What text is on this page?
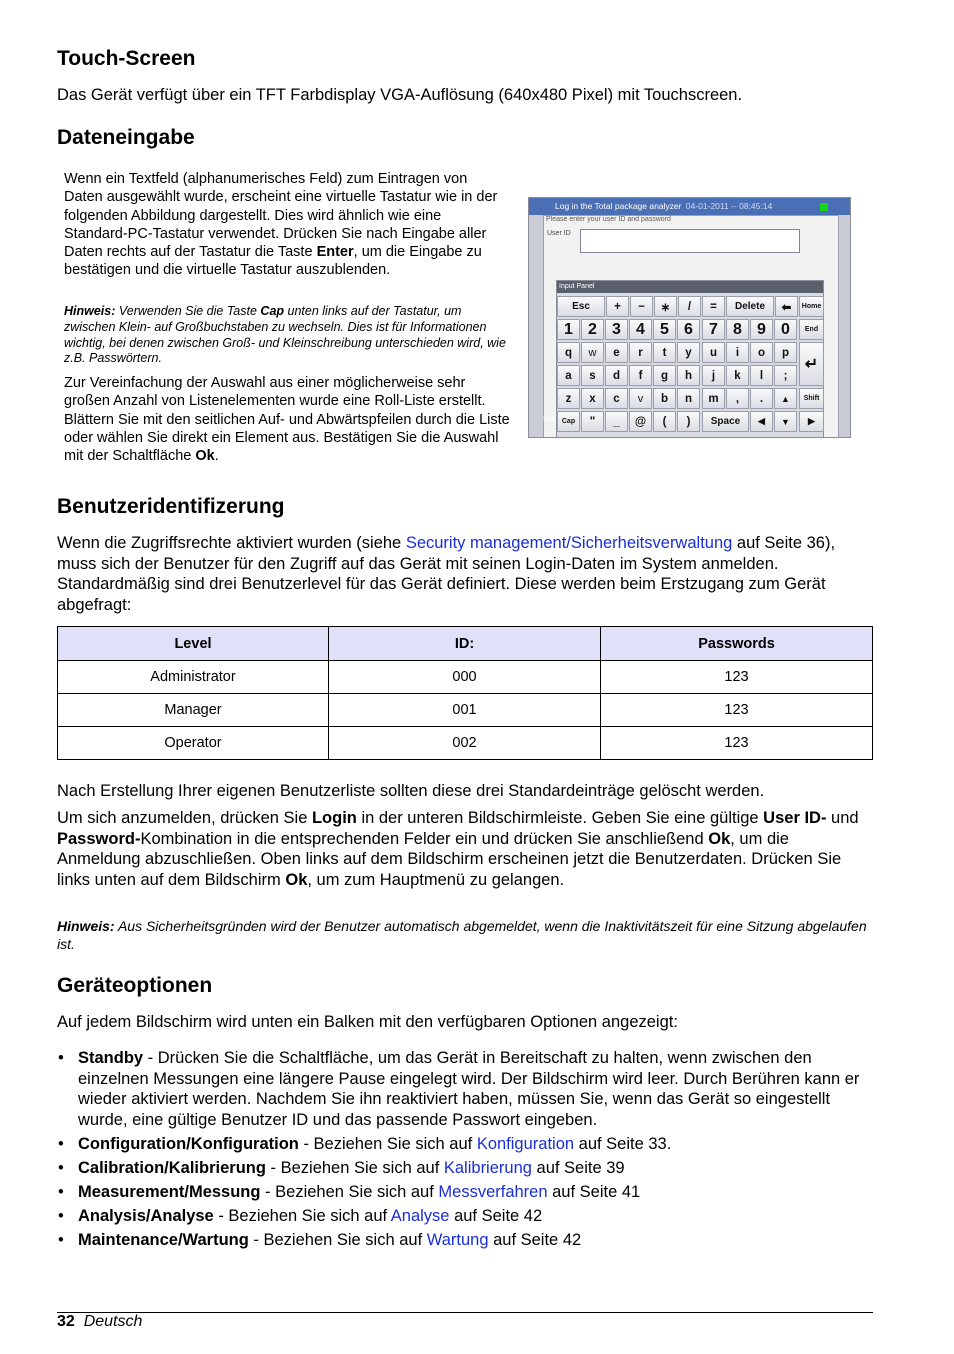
Touch-Screen

Das Gerät verfügt über ein TFT Farbdisplay VGA-Auflösung (640x480 Pixel) mit Touchscreen.

Dateneingabe

Wenn ein Textfeld (alphanumerisches Feld) zum Eintragen von Daten ausgewählt wurde, erscheint eine virtuelle Tastatur wie in der folgenden Abbildung dargestellt. Dies wird ähnlich wie eine Standard-PC-Tastatur verwendet. Drücken Sie nach Eingabe aller Daten rechts auf der Tastatur die Taste Enter, um die Eingabe zu bestätigen und die virtuelle Tastatur auszublenden.

Hinweis: Verwenden Sie die Taste Cap unten links auf der Tastatur, um zwischen Klein- auf Großbuchstaben zu wechseln. Dies ist für Informationen wichtig, bei denen zwischen Groß- und Kleinschreibung unterschieden wird, wie z.B. Passwörtern.

Zur Vereinfachung der Auswahl aus einer möglicherweise sehr großen Anzahl von Listenelementen wurde eine Roll-Liste erstellt. Blättern Sie mit den seitlichen Auf- und Abwärtspfeilen durch die Liste oder wählen Sie direkt ein Element aus. Bestätigen Sie die Auswahl mit der Schaltfläche Ok.

Log in the Total package analyzer 04-01-2011 -- 08:45:14
Please enter your user ID and password
User ID
Input Panel
Esc	+	−	∗	/	=	Delete	⬅	Home
1 2 3 4 5 6	7 8 9 0	End
q	w	e	r	t	y	u	i	o	p
↵
a	s	d	f	g	h	j	k	l	;
z	x	c	v	b	n	m	,	.	▲	Shift
Cap	"	_	@	(	)	Space	◀	▼	▶
Stan
Benutzeridentifizerung

Wenn die Zugriffsrechte aktiviert wurden (siehe Security management/Sicherheitsverwaltung auf Seite 36), muss sich der Benutzer für den Zugriff auf das Gerät mit seinen Login-Daten im System anmelden. Standardmäßig sind drei Benutzerlevel für das Gerät definiert. Diese werden beim Erstzugang zum Gerät abgefragt:

Level	ID:	Passwords
Administrator	000	123
Manager	001	123
Operator	002	123

Nach Erstellung Ihrer eigenen Benutzerliste sollten diese drei Standardeinträge gelöscht werden.

Um sich anzumelden, drücken Sie Login in der unteren Bildschirmleiste. Geben Sie eine gültige User ID- und Password-Kombination in die entsprechenden Felder ein und drücken Sie anschließend Ok, um die Anmeldung abzuschließen. Oben links auf dem Bildschirm erscheinen jetzt die Benutzerdaten. Drücken Sie links unten auf dem Bildschirm Ok, um zum Hauptmenü zu gelangen.

Hinweis: Aus Sicherheitsgründen wird der Benutzer automatisch abgemeldet, wenn die Inaktivitätszeit für eine Sitzung abgelaufen ist.

Geräteoptionen

Auf jedem Bildschirm wird unten ein Balken mit den verfügbaren Optionen angezeigt:

• Standby - Drücken Sie die Schaltfläche, um das Gerät in Bereitschaft zu halten, wenn zwischen den einzelnen Messungen eine längere Pause eingelegt wird. Der Bildschirm wird leer. Durch Berühren kann er wieder aktiviert werden. Nachdem Sie ihn reaktiviert haben, müssen Sie, wenn das Gerät so eingestellt wurde, eine gültige Benutzer ID und das passende Passwort eingeben.
• Configuration/Konfiguration - Beziehen Sie sich auf Konfiguration auf Seite 33.
• Calibration/Kalibrierung - Beziehen Sie sich auf Kalibrierung auf Seite 39
• Measurement/Messung - Beziehen Sie sich auf Messverfahren auf Seite 41
• Analysis/Analyse - Beziehen Sie sich auf Analyse auf Seite 42
• Maintenance/Wartung - Beziehen Sie sich auf Wartung auf Seite 42
32 Deutsch
